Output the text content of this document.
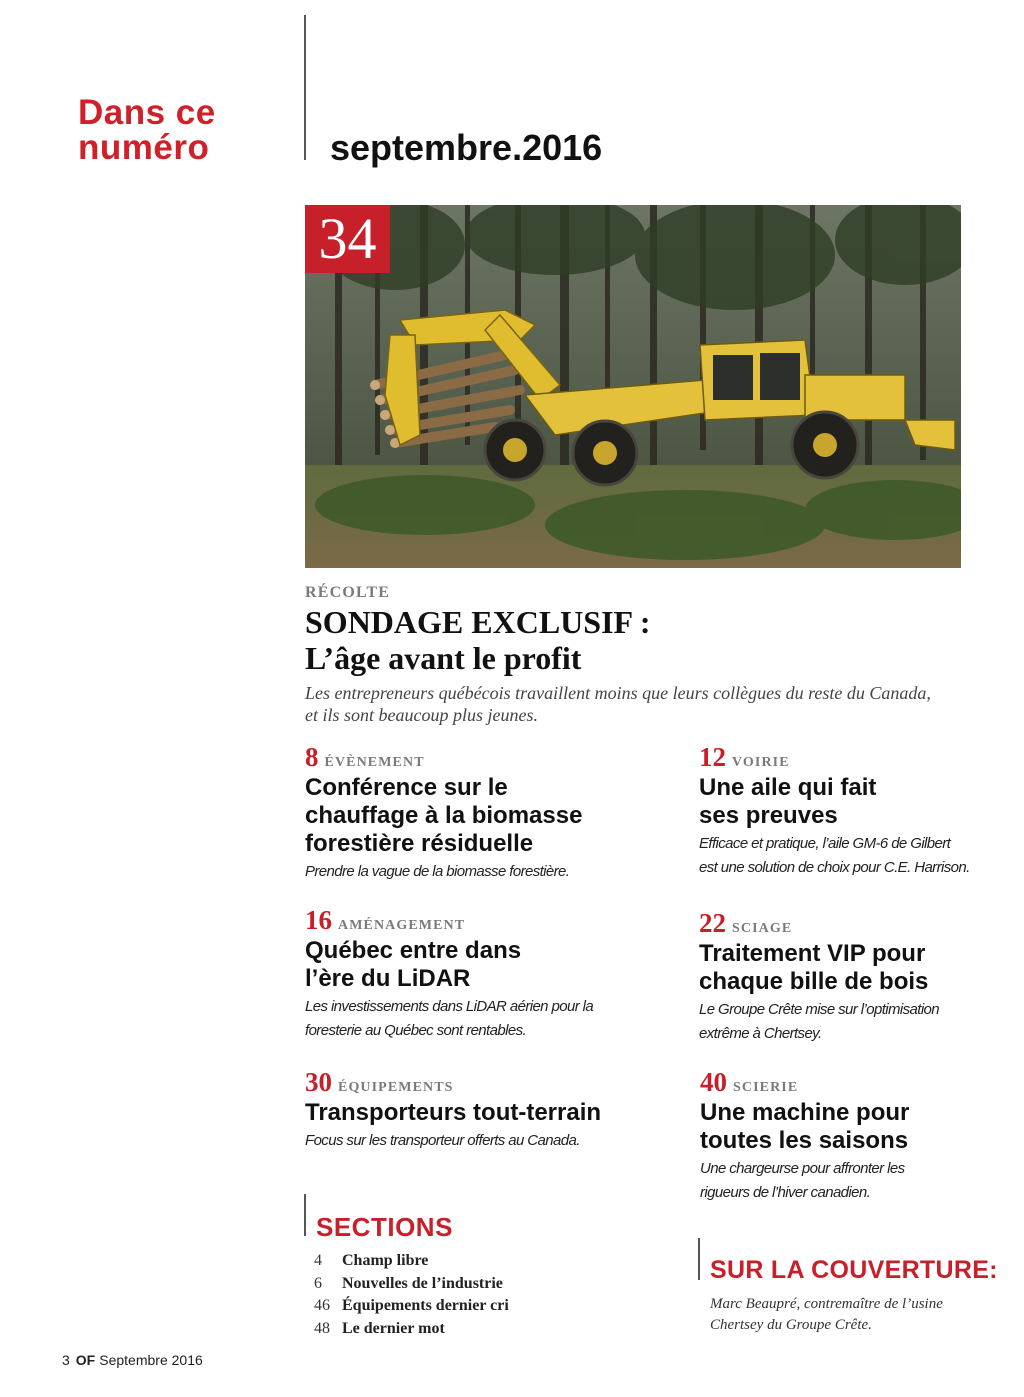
Dans ce
numéro	septembre.2016
34
RÉCOLTE
SONDAGE EXCLUSIF :
L’âge avant le profit
Les entrepreneurs québécois travaillent moins que leurs collègues du reste du Canada, et ils sont beaucoup plus jeunes.
8 ÉVÈNEMENT
Conférence sur le
chauffage à la biomasse
forestière résiduelle
Prendre la vague de la biomasse forestière.
12 VOIRIE
Une aile qui fait
ses preuves
Efficace et pratique, l’aile GM-6 de Gilbert
est une solution de choix pour C.E. Harrison.
16 AMÉNAGEMENT
Québec entre dans
l’ère du LiDAR
Les investissements dans LiDAR aérien pour la
foresterie au Québec sont rentables.
22 SCIAGE
Traitement VIP pour
chaque bille de bois
Le Groupe Crête mise sur l’optimisation
extrême à Chertsey.
30 ÉQUIPEMENTS
Transporteurs tout-terrain
Focus sur les transporteur offerts au Canada.
40 SCIERIE
Une machine pour
toutes les saisons
Une chargeurse pour affronter les
rigueurs de l’hiver canadien.
SECTIONS
4 Champ libre
6 Nouvelles de l’industrie
46 Équipements dernier cri
48 Le dernier mot
SUR LA COUVERTURE:
Marc Beaupré, contremaître de l’usine
Chertsey du Groupe Crête.
3 OF Septembre 2016
